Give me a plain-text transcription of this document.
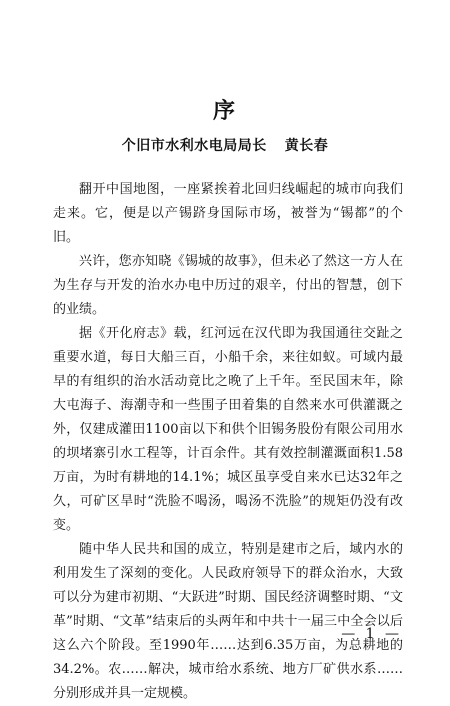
序
个旧市水利水电局局长 黄长春

翻开中国地图，一座紧挨着北回归线崛起的城市向我们走来。它，便是以产锡跻身国际市场，被誉为“锡都”的个旧。

兴许，您亦知晓《锡城的故事》，但未必了然这一方人在为生存与开发的治水办电中历过的艰辛，付出的智慧，创下的业绩。

据《开化府志》载，红河远在汉代即为我国通往交趾之重要水道，每日大船三百，小船千余，来往如蚁。可域内最早的有组织的治水活动竟比之晚了上千年。至民国末年，除大屯海子、海潮寺和一些围子田着集的自然来水可供灌溉之外，仅建成灌田1100亩以下和供个旧锡务股份有限公司用水的坝堵寨引水工程等，计百余件。其有效控制灌溉面积1.58万亩，为时有耕地的14.1%；城区虽享受自来水已达32年之久，可矿区旱时“洗脸不喝汤，喝汤不洗脸”的规矩仍没有改变。

随中华人民共和国的成立，特别是建市之后，域内水的利用发生了深刻的变化。人民政府领导下的群众治水，大致可以分为建市初期、“大跃进”时期、国民经济调整时期、“文革”时期、“文革”结束后的头两年和中共十一届三中全会以后这么六个阶段。至1990年……达到6.35万亩，为总耕地的34.2%。农……解决，城市给水系统、地方厂矿供水系……分别形成并具一定规模。

— 1 —
